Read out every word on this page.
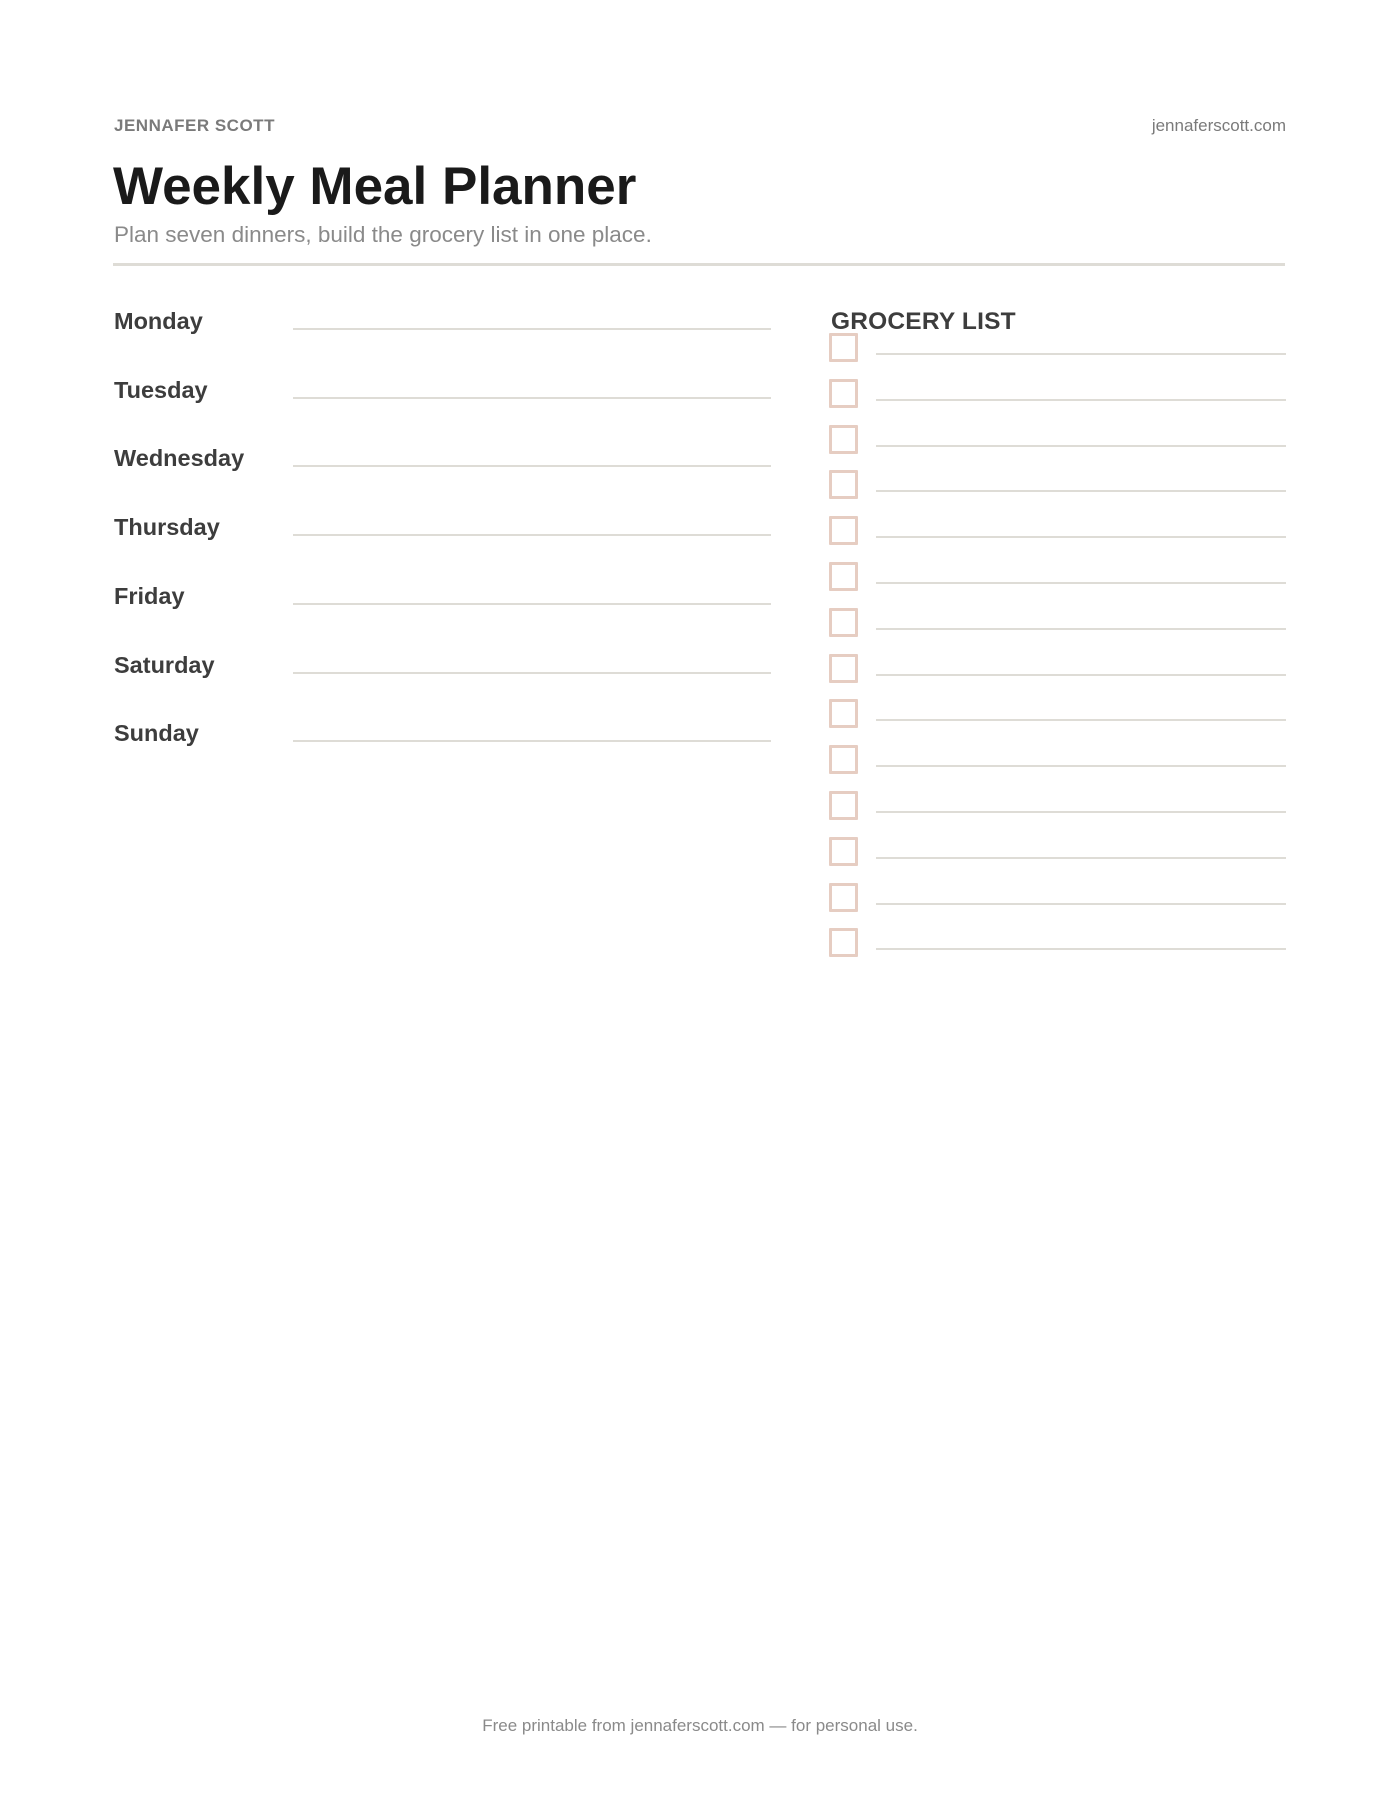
JENNAFER SCOTT	jennaferscott.com
Weekly Meal Planner
Plan seven dinners, build the grocery list in one place.
Monday
Tuesday
Wednesday
Thursday
Friday
Saturday
Sunday
GROCERY LIST
Free printable from jennaferscott.com — for personal use.
